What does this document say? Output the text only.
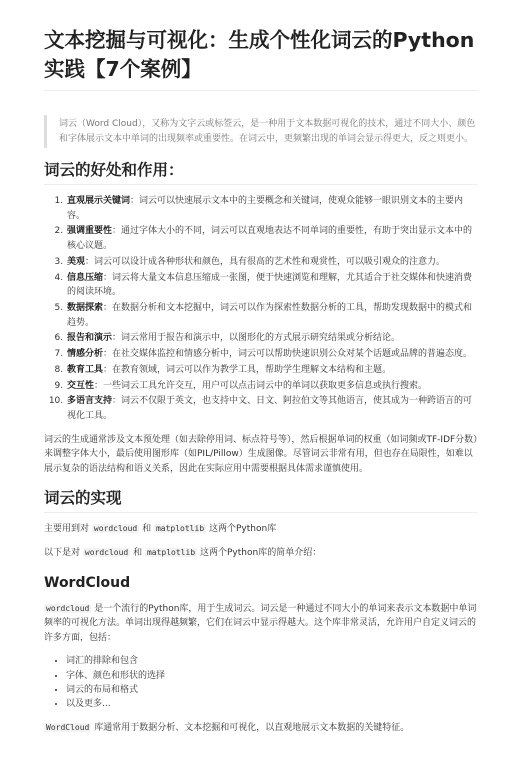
文本挖掘与可视化：生成个性化词云的Python实践【7个案例】
词云（Word Cloud），又称为文字云或标签云，是一种用于文本数据可视化的技术，通过不同大小、颜色和字体展示文本中单词的出现频率或重要性。在词云中，更频繁出现的单词会显示得更大，反之则更小。
词云的好处和作用：
1. 直观展示关键词：词云可以快速展示文本中的主要概念和关键词，使观众能够一眼识别文本的主要内容。
2. 强调重要性：通过字体大小的不同，词云可以直观地表达不同单词的重要性，有助于突出显示文本中的核心议题。
3. 美观：词云可以设计成各种形状和颜色，具有很高的艺术性和观赏性，可以吸引观众的注意力。
4. 信息压缩：词云将大量文本信息压缩成一张图，便于快速浏览和理解，尤其适合于社交媒体和快速消费的阅读环境。
5. 数据探索：在数据分析和文本挖掘中，词云可以作为探索性数据分析的工具，帮助发现数据中的模式和趋势。
6. 报告和演示：词云常用于报告和演示中，以图形化的方式展示研究结果或分析结论。
7. 情感分析：在社交媒体监控和情感分析中，词云可以帮助快速识别公众对某个话题或品牌的普遍态度。
8. 教育工具：在教育领域，词云可以作为教学工具，帮助学生理解文本结构和主题。
9. 交互性：一些词云工具允许交互，用户可以点击词云中的单词以获取更多信息或执行搜索。
10. 多语言支持：词云不仅限于英文，也支持中文、日文、阿拉伯文等其他语言，使其成为一种跨语言的可视化工具。

词云的生成通常涉及文本预处理（如去除停用词、标点符号等），然后根据单词的权重（如词频或TF-IDF分数）来调整字体大小，最后使用图形库（如PIL/Pillow）生成图像。尽管词云非常有用，但也存在局限性，如难以展示复杂的语法结构和语义关系，因此在实际应用中需要根据具体需求谨慎使用。

词云的实现

主要用到对 wordcloud 和 matplotlib 这两个Python库

以下是对 wordcloud 和 matplotlib 这两个Python库的简单介绍：

WordCloud

wordcloud 是一个流行的Python库，用于生成词云。词云是一种通过不同大小的单词来表示文本数据中单词频率的可视化方法。单词出现得越频繁，它们在词云中显示得越大。这个库非常灵活，允许用户自定义词云的许多方面，包括：

• 词汇的排除和包含
• 字体、颜色和形状的选择
• 词云的布局和格式
• 以及更多...

WordCloud 库通常用于数据分析、文本挖掘和可视化，以直观地展示文本数据的关键特征。
